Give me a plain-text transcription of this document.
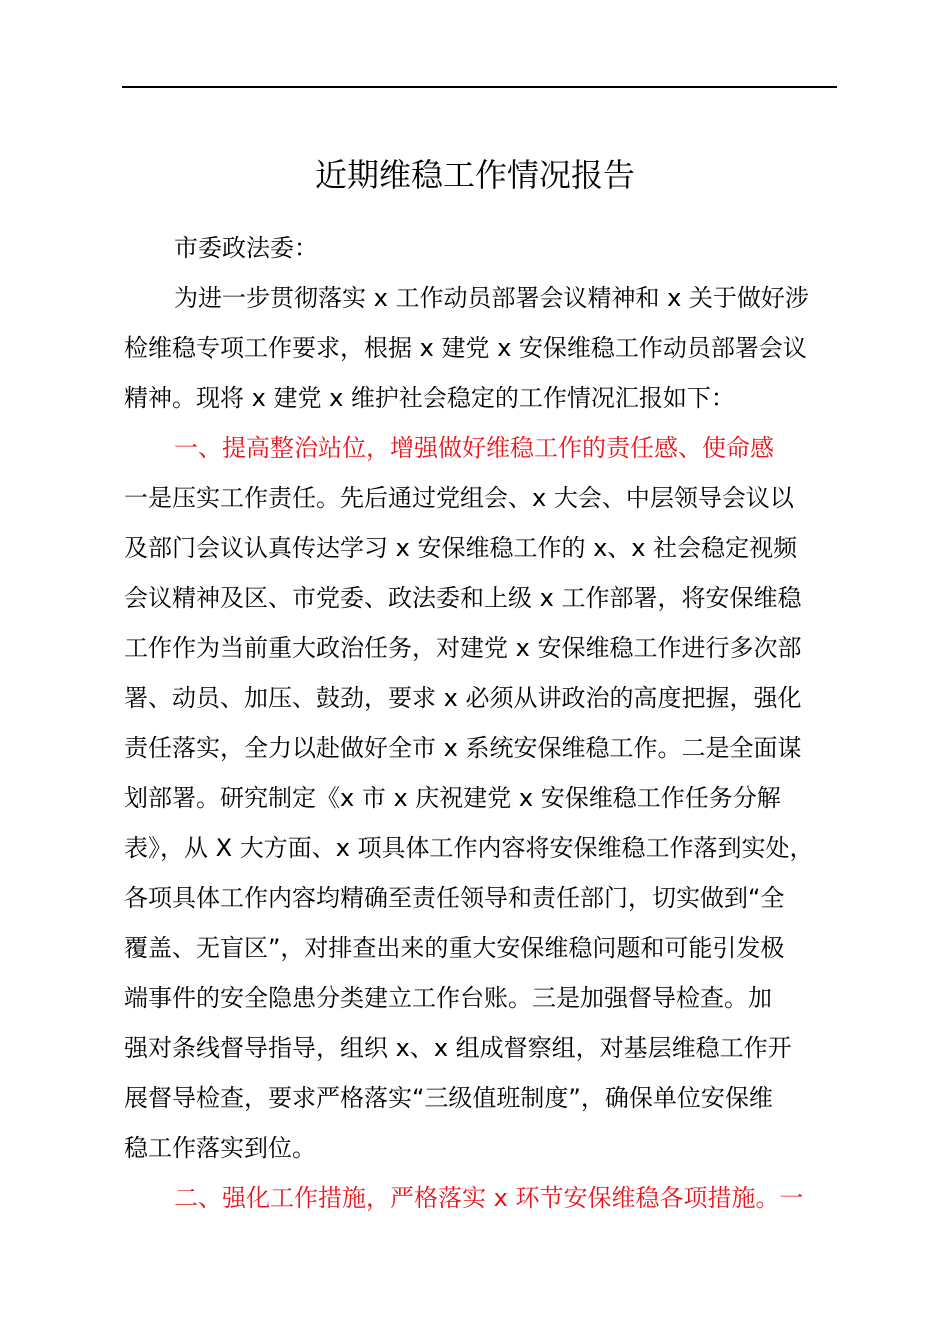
近期维稳工作情况报告
市委政法委：
为进一步贯彻落实 x 工作动员部署会议精神和 x 关于做好涉
检维稳专项工作要求，根据 x 建党 x 安保维稳工作动员部署会议
精神。现将 x 建党 x 维护社会稳定的工作情况汇报如下：
一、提高整治站位，增强做好维稳工作的责任感、使命感
一是压实工作责任。先后通过党组会、x 大会、中层领导会议以
及部门会议认真传达学习 x 安保维稳工作的 x、x 社会稳定视频
会议精神及区、市党委、政法委和上级 x 工作部署，将安保维稳
工作作为当前重大政治任务，对建党 x 安保维稳工作进行多次部
署、动员、加压、鼓劲，要求 x 必须从讲政治的高度把握，强化
责任落实，全力以赴做好全市 x 系统安保维稳工作。二是全面谋
划部署。研究制定《x 市 x 庆祝建党 x 安保维稳工作任务分解
表》，从 X 大方面、x 项具体工作内容将安保维稳工作落到实处，
各项具体工作内容均精确至责任领导和责任部门，切实做到“全
覆盖、无盲区”，对排查出来的重大安保维稳问题和可能引发极
端事件的安全隐患分类建立工作台账。三是加强督导检查。加
强对条线督导指导，组织 x、x 组成督察组，对基层维稳工作开
展督导检查，要求严格落实“三级值班制度”，确保单位安保维
稳工作落实到位。
二、强化工作措施，严格落实 x 环节安保维稳各项措施。一
